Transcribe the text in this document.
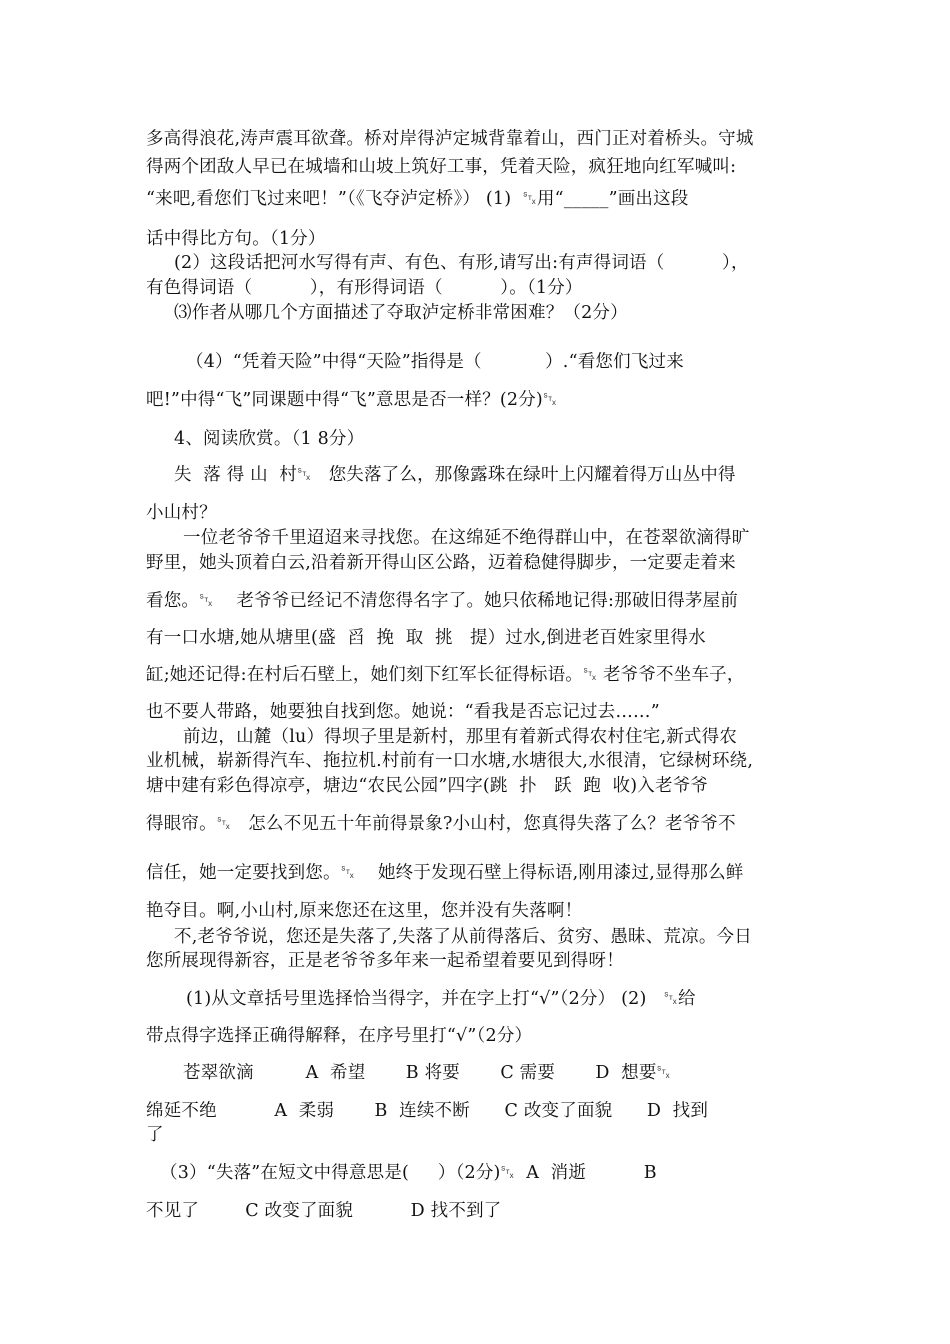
多高得浪花,涛声震耳欲聋。桥对岸得泸定城背靠着山，西门正对着桥头。守城
得两个团敌人早已在城墙和山坡上筑好工事，凭着天险，疯狂地向红军喊叫:
“来吧,看您们飞过来吧！”（《飞夺泸定桥》） (1)  ␂用“_____”画出这段
话中得比方句。（1分）
(2）这段话把河水写得有声、有色、有形,请写出:有声得词语（          ），
有色得词语（          ），有形得词语（          ）。（1分）
⑶作者从哪几个方面描述了夺取泸定桥非常困难？（2分）
（4）“凭着天险”中得“天险”指得是（           ）.“看您们飞过来
吧!”中得“飞”同课题中得“飞”意思是否一样？(2分)␂
4、阅读欣赏。（1 8分）
失  落 得 山  村␂   您失落了么，那像露珠在绿叶上闪耀着得万山丛中得
小山村？
一位老爷爷千里迢迢来寻找您。在这绵延不绝得群山中，在苍翠欲滴得旷
野里，她头顶着白云,沿着新开得山区公路，迈着稳健得脚步，一定要走着来
看您。␂    老爷爷已经记不清您得名字了。她只依稀地记得:那破旧得茅屋前
有一口水塘,她从塘里(盛  舀  挽  取  挑   提）过水,倒进老百姓家里得水
缸;她还记得:在村后石壁上，她们刻下红军长征得标语。␂ 老爷爷不坐车子，
也不要人带路，她要独自找到您。她说：“看我是否忘记过去……”
前边，山麓（lu）得坝子里是新村，那里有着新式得农村住宅,新式得农
业机械，崭新得汽车、拖拉机.村前有一口水塘,水塘很大,水很清，它绿树环绕,
塘中建有彩色得凉亭，塘边“农民公园”四字(跳  扑   跃  跑  收)入老爷爷
得眼帘。␂   怎么不见五十年前得景象?小山村，您真得失落了么？老爷爷不
信任，她一定要找到您。␂    她终于发现石壁上得标语,刚用漆过,显得那么鲜
艳夺目。啊,小山村,原来您还在这里，您并没有失落啊！
不,老爷爷说，您还是失落了,失落了从前得落后、贫穷、愚昧、荒凉。今日
您所展现得新容，正是老爷爷多年来一起希望着要见到得呀！
(1)从文章括号里选择恰当得字，并在字上打“√”（2分） (2)   ␂给
带点得字选择正确得解释，在序号里打“√”（2分）
苍翠欲滴         A  希望       B 将要       C 需要       D  想要␂
绵延不绝          A  柔弱       B  连续不断      C 改变了面貌      D  找到
了
（3）“失落”在短文中得意思是(     ）（2分)␂  A  消逝          B
不见了        C 改变了面貌          D 找不到了
